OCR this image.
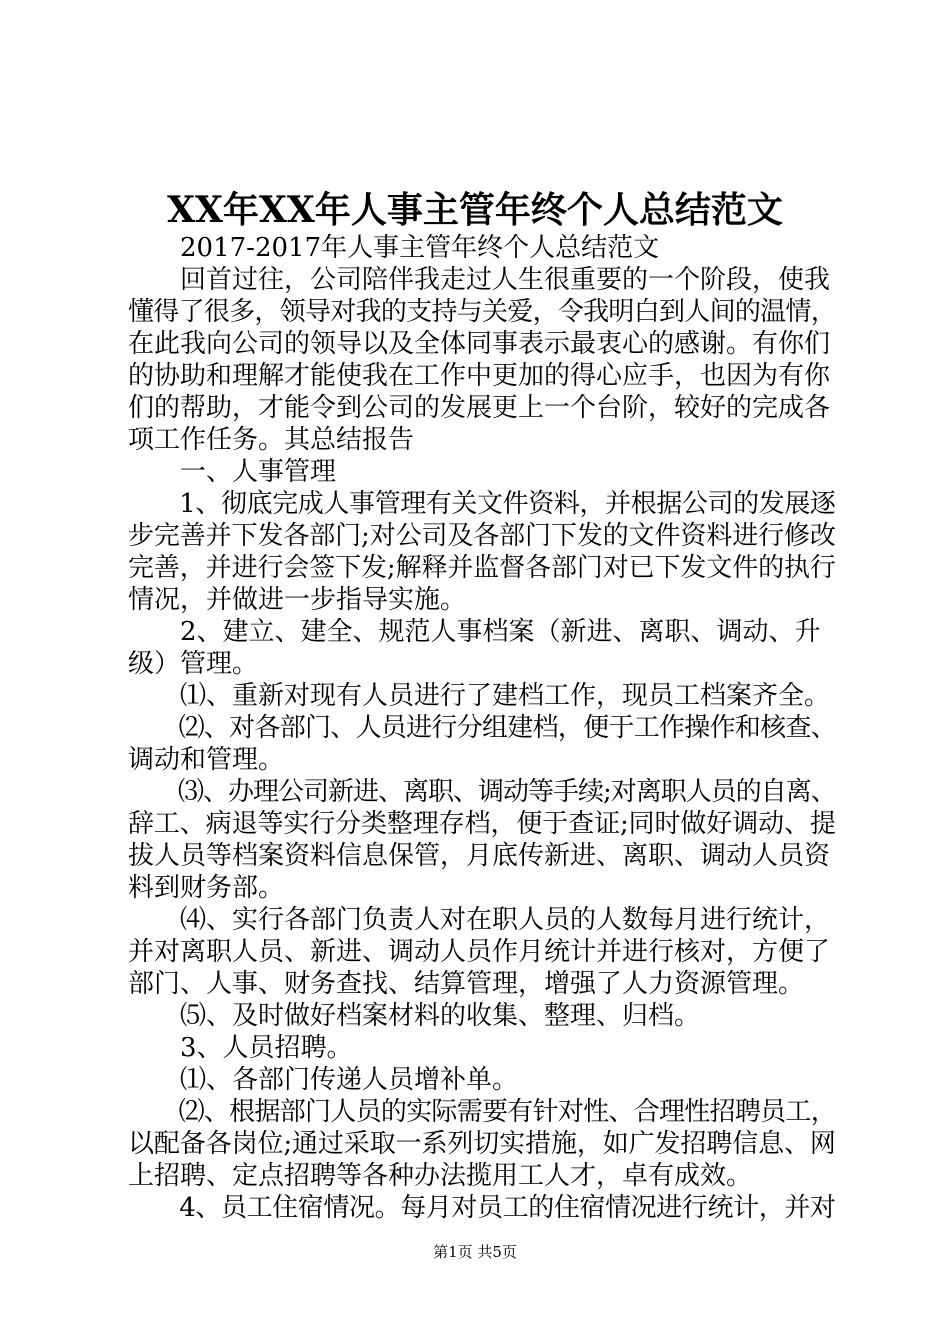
XX年XX年人事主管年终个人总结范文
　　2017-2017年人事主管年终个人总结范文
　　回首过往，公司陪伴我走过人生很重要的一个阶段，使我
懂得了很多，领导对我的支持与关爱，令我明白到人间的温情，
在此我向公司的领导以及全体同事表示最衷心的感谢。有你们
的协助和理解才能使我在工作中更加的得心应手，也因为有你
们的帮助，才能令到公司的发展更上一个台阶，较好的完成各
项工作任务。其总结报告
　　一、人事管理
　　1、彻底完成人事管理有关文件资料，并根据公司的发展逐
步完善并下发各部门;对公司及各部门下发的文件资料进行修改
完善，并进行会签下发;解释并监督各部门对已下发文件的执行
情况，并做进一步指导实施。
　　2、建立、建全、规范人事档案（新进、离职、调动、升
级）管理。
　　⑴、重新对现有人员进行了建档工作，现员工档案齐全。
　　⑵、对各部门、人员进行分组建档，便于工作操作和核查、
调动和管理。
　　⑶、办理公司新进、离职、调动等手续;对离职人员的自离、
辞工、病退等实行分类整理存档，便于查证;同时做好调动、提
拔人员等档案资料信息保管，月底传新进、离职、调动人员资
料到财务部。
　　⑷、实行各部门负责人对在职人员的人数每月进行统计，
并对离职人员、新进、调动人员作月统计并进行核对，方便了
部门、人事、财务查找、结算管理，增强了人力资源管理。
　　⑸、及时做好档案材料的收集、整理、归档。
　　3、人员招聘。
　　⑴、各部门传递人员增补单。
　　⑵、根据部门人员的实际需要有针对性、合理性招聘员工，
以配备各岗位;通过采取一系列切实措施，如广发招聘信息、网
上招聘、定点招聘等各种办法揽用工人才，卓有成效。
　　4、员工住宿情况。每月对员工的住宿情况进行统计，并对
第1页 共5页
